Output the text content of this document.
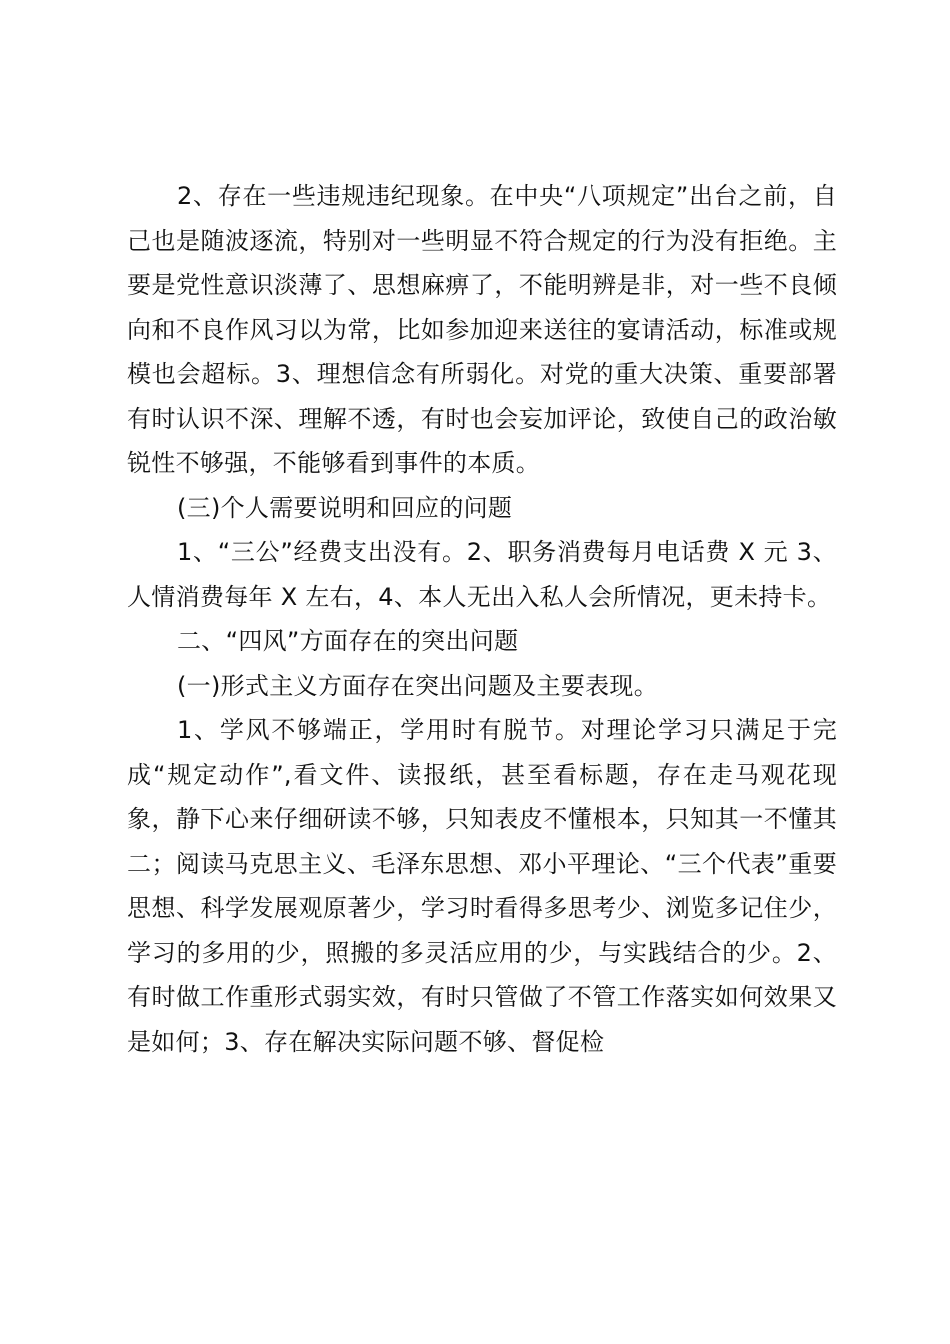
2、存在一些违规违纪现象。在中央“八项规定”出台之前，自己也是随波逐流，特别对一些明显不符合规定的行为没有拒绝。主要是党性意识淡薄了、思想麻痹了，不能明辨是非，对一些不良倾向和不良作风习以为常，比如参加迎来送往的宴请活动，标准或规模也会超标。3、理想信念有所弱化。对党的重大决策、重要部署有时认识不深、理解不透，有时也会妄加评论，致使自己的政治敏锐性不够强，不能够看到事件的本质。

(三)个人需要说明和回应的问题

1、“三公”经费支出没有。2、职务消费每月电话费 X 元 3、人情消费每年 X 左右，4、本人无出入私人会所情况，更未持卡。

二、“四风”方面存在的突出问题

(一)形式主义方面存在突出问题及主要表现。

1、学风不够端正，学用时有脱节。对理论学习只满足于完成“规定动作”,看文件、读报纸，甚至看标题，存在走马观花现象，静下心来仔细研读不够，只知表皮不懂根本，只知其一不懂其二；阅读马克思主义、毛泽东思想、邓小平理论、“三个代表”重要思想、科学发展观原著少，学习时看得多思考少、浏览多记住少，学习的多用的少，照搬的多灵活应用的少，与实践结合的少。2、有时做工作重形式弱实效，有时只管做了不管工作落实如何效果又是如何；3、存在解决实际问题不够、督促检
